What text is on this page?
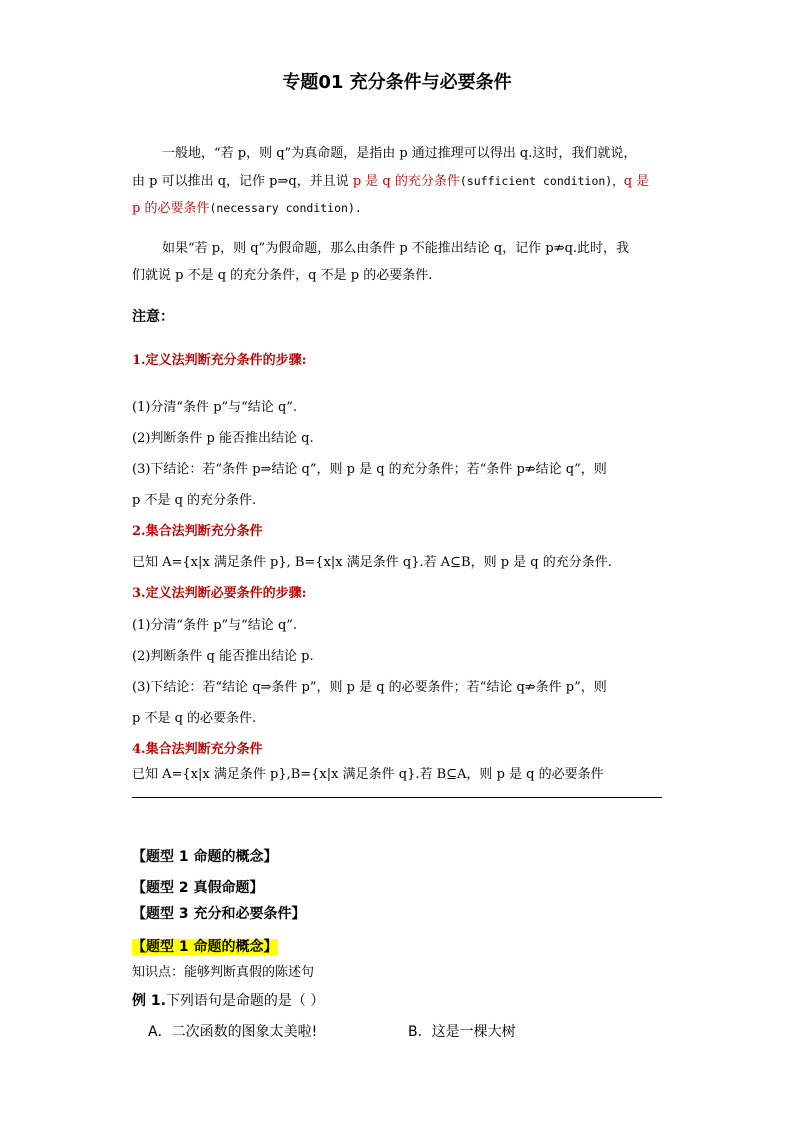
专题01 充分条件与必要条件
一般地，“若 p，则 q”为真命题，是指由 p 通过推理可以得出 q.这时，我们就说，
由 p 可以推出 q，记作 p⇒q，并且说 p 是 q 的充分条件(sufficient condition)，q 是
p 的必要条件(necessary condition).
如果“若 p，则 q”为假命题，那么由条件 p 不能推出结论 q，记作 p⇏q.此时，我
们就说 p 不是 q 的充分条件，q 不是 p 的必要条件.
注意：
1.定义法判断充分条件的步骤:
(1)分清“条件 p”与“结论 q”.
(2)判断条件 p 能否推出结论 q.
(3)下结论：若“条件 p⇒结论 q”，则 p 是 q 的充分条件；若“条件 p⇏结论 q”，则
p 不是 q 的充分条件.
2.集合法判断充分条件
已知 A={x|x 满足条件 p}, B={x|x 满足条件 q}.若 A⊆B，则 p 是 q 的充分条件.
3.定义法判断必要条件的步骤:
(1)分清“条件 p”与“结论 q”.
(2)判断条件 q 能否推出结论 p.
(3)下结论：若“结论 q⇒条件 p”，则 p 是 q 的必要条件；若“结论 q⇏条件 p”，则
p 不是 q 的必要条件.
4.集合法判断充分条件
已知 A={x|x 满足条件 p},B={x|x 满足条件 q}.若 B⊆A，则 p 是 q 的必要条件
【题型 1 命题的概念】
【题型 2 真假命题】
【题型 3 充分和必要条件】
【题型 1 命题的概念】
知识点：能够判断真假的陈述句
例 1.下列语句是命题的是（ ）
A．二次函数的图象太美啦!	B．这是一棵大树
